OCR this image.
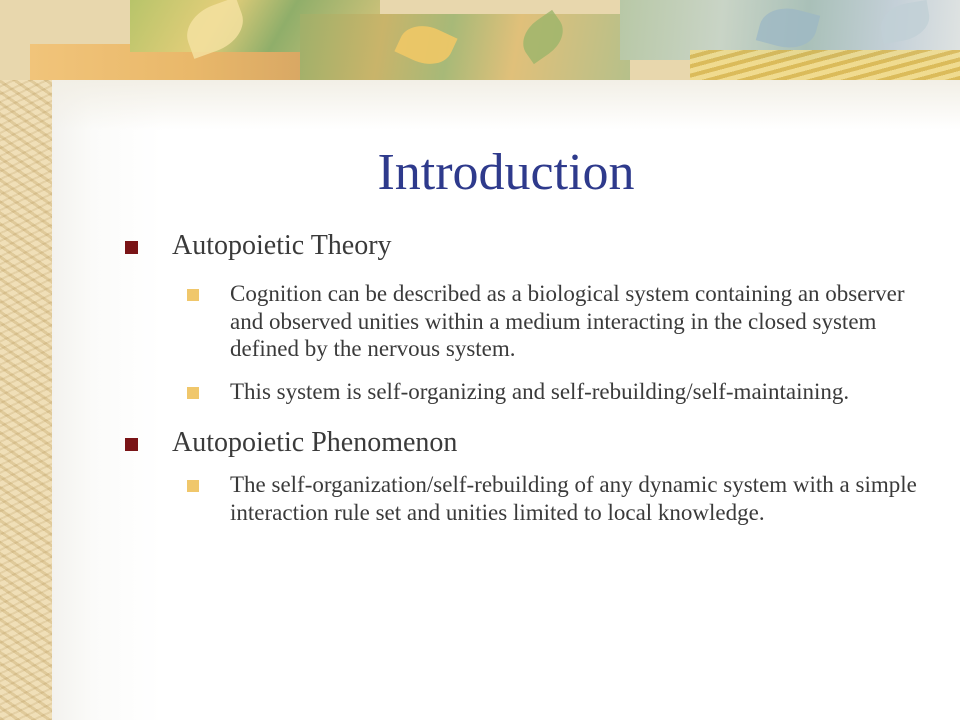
Introduction
Autopoietic Theory
Cognition can be described as a biological system containing an observer and observed unities within a medium interacting in the closed system defined by the nervous system.
This system is self-organizing and self-rebuilding/self-maintaining.
Autopoietic Phenomenon
The self-organization/self-rebuilding of any dynamic system with a simple interaction rule set and unities limited to local knowledge.
